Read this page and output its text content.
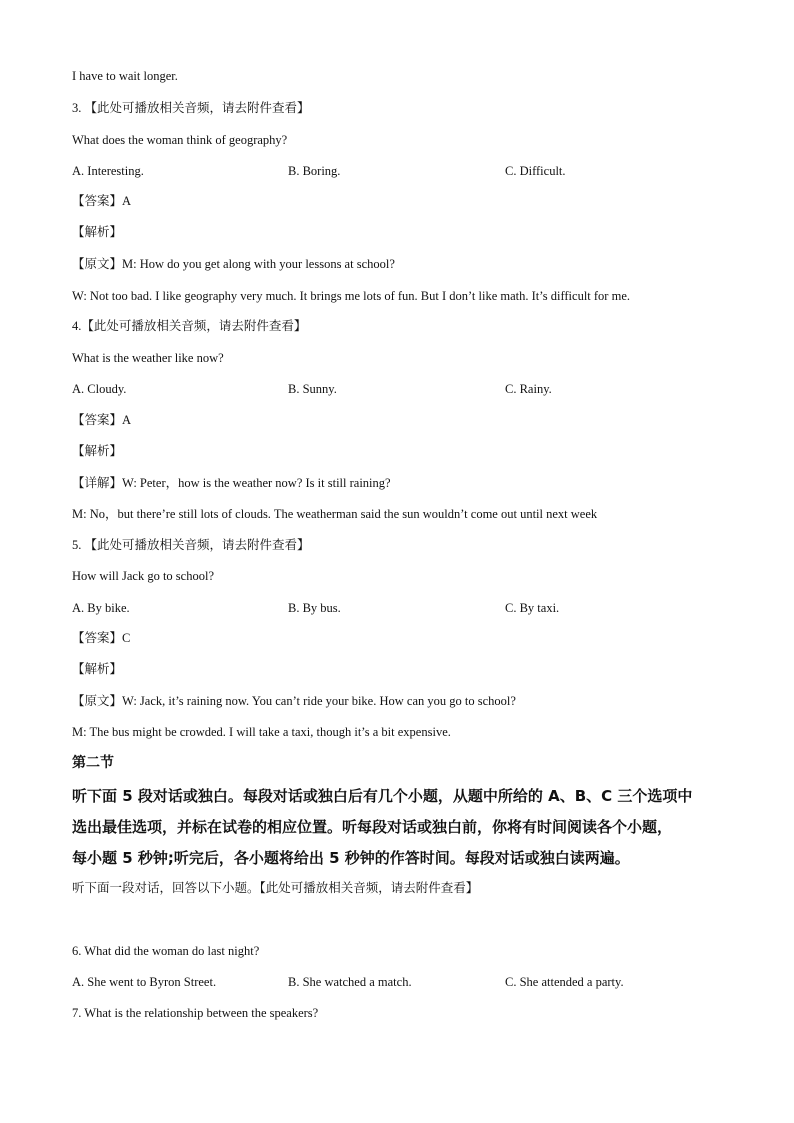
I have to wait longer.
3. 【此处可播放相关音频，请去附件查看】
What does the woman think of geography?
A. Interesting.	B. Boring.	C. Difficult.
【答案】A
【解析】
【原文】M: How do you get along with your lessons at school?
W: Not too bad. I like geography very much. It brings me lots of fun. But I don’t like math. It’s difficult for me.
4.【此处可播放相关音频，请去附件查看】
What is the weather like now?
A. Cloudy.	B. Sunny.	C. Rainy.
【答案】A
【解析】
【详解】W: Peter，how is the weather now? Is it still raining?
M: No，but there’re still lots of clouds. The weatherman said the sun wouldn’t come out until next week
5. 【此处可播放相关音频，请去附件查看】
How will Jack go to school?
A. By bike.	B. By bus.	C. By taxi.
【答案】C
【解析】
【原文】W: Jack, it’s raining now. You can’t ride your bike. How can you go to school?
M: The bus might be crowded. I will take a taxi, though it’s a bit expensive.
第二节
听下面 5 段对话或独白。每段对话或独白后有几个小题，从题中所给的 A、B、C 三个选项中
选出最佳选项，并标在试卷的相应位置。听每段对话或独白前，你将有时间阅读各个小题，
每小题 5 秒钟;听完后，各小题将给出 5 秒钟的作答时间。每段对话或独白读两遍。
听下面一段对话，回答以下小题。【此处可播放相关音频，请去附件查看】
6. What did the woman do last night?
A. She went to Byron Street.	B. She watched a match.	C. She attended a party.
7. What is the relationship between the speakers?
